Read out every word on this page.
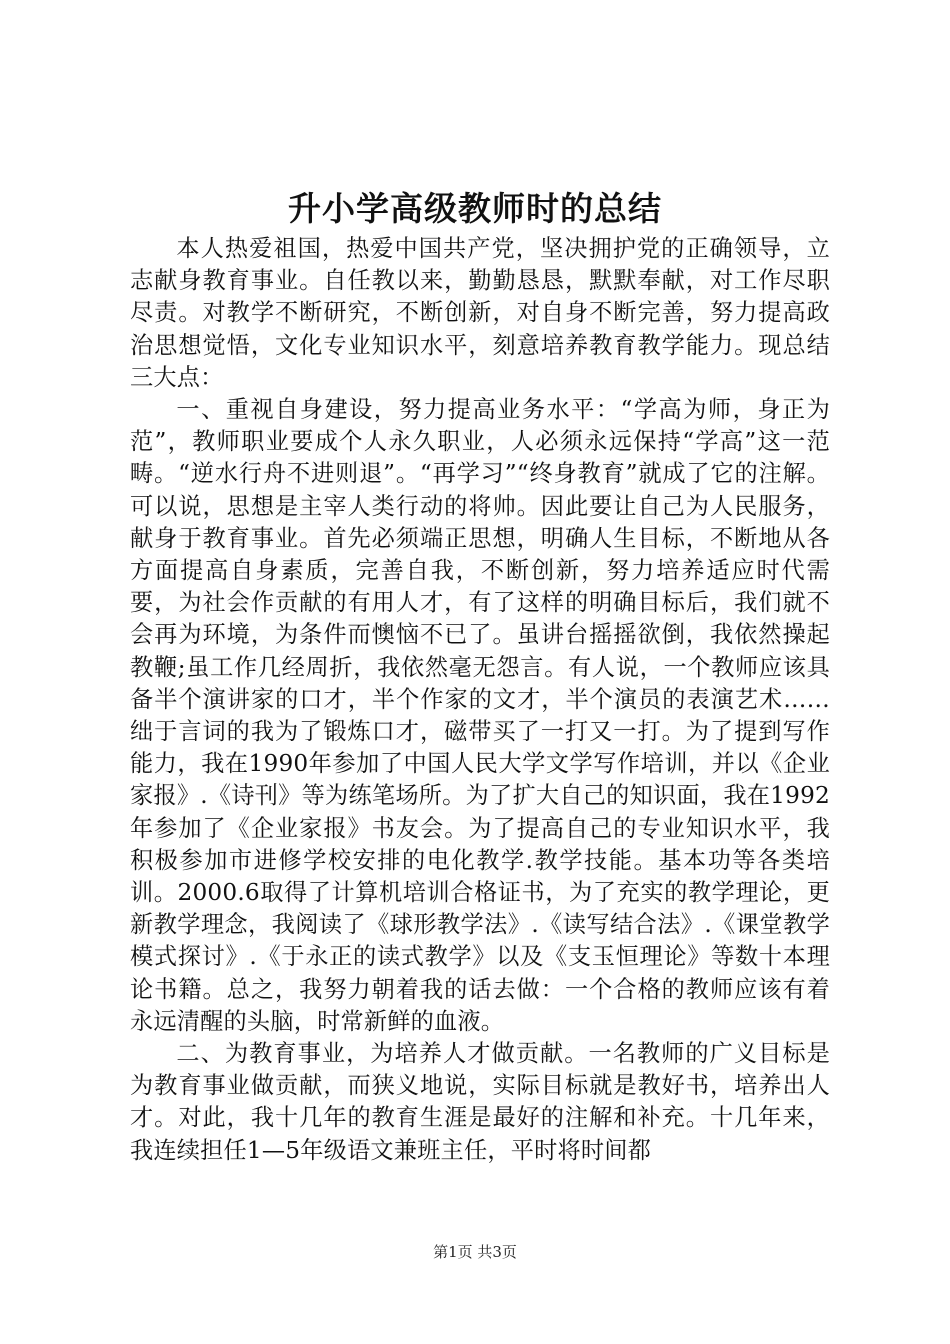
升小学高级教师时的总结

本人热爱祖国，热爱中国共产党，坚决拥护党的正确领导，立志献身教育事业。自任教以来，勤勤恳恳，默默奉献，对工作尽职尽责。对教学不断研究，不断创新，对自身不断完善，努力提高政治思想觉悟，文化专业知识水平，刻意培养教育教学能力。现总结三大点：

一、重视自身建设，努力提高业务水平：“学高为师，身正为范”，教师职业要成个人永久职业，人必须永远保持“学高”这一范畴。“逆水行舟不进则退”。“再学习”“终身教育”就成了它的注解。可以说，思想是主宰人类行动的将帅。因此要让自己为人民服务，献身于教育事业。首先必须端正思想，明确人生目标，不断地从各方面提高自身素质，完善自我，不断创新，努力培养适应时代需要，为社会作贡献的有用人才，有了这样的明确目标后，我们就不会再为环境，为条件而懊恼不已了。虽讲台摇摇欲倒，我依然操起教鞭;虽工作几经周折，我依然毫无怨言。有人说，一个教师应该具备半个演讲家的口才，半个作家的文才，半个演员的表演艺术……绌于言词的我为了锻炼口才，磁带买了一打又一打。为了提到写作能力，我在1990年参加了中国人民大学文学写作培训，并以《企业家报》.《诗刊》等为练笔场所。为了扩大自己的知识面，我在1992年参加了《企业家报》书友会。为了提高自己的专业知识水平，我积极参加市进修学校安排的电化教学.教学技能。基本功等各类培训。2000.6取得了计算机培训合格证书，为了充实的教学理论，更新教学理念，我阅读了《球形教学法》.《读写结合法》.《课堂教学模式探讨》.《于永正的读式教学》以及《支玉恒理论》等数十本理论书籍。总之，我努力朝着我的话去做：一个合格的教师应该有着永远清醒的头脑，时常新鲜的血液。

二、为教育事业，为培养人才做贡献。一名教师的广义目标是为教育事业做贡献，而狭义地说，实际目标就是教好书，培养出人才。对此，我十几年的教育生涯是最好的注解和补充。十几年来，我连续担任1—5年级语文兼班主任，平时将时间都

第1页 共3页
